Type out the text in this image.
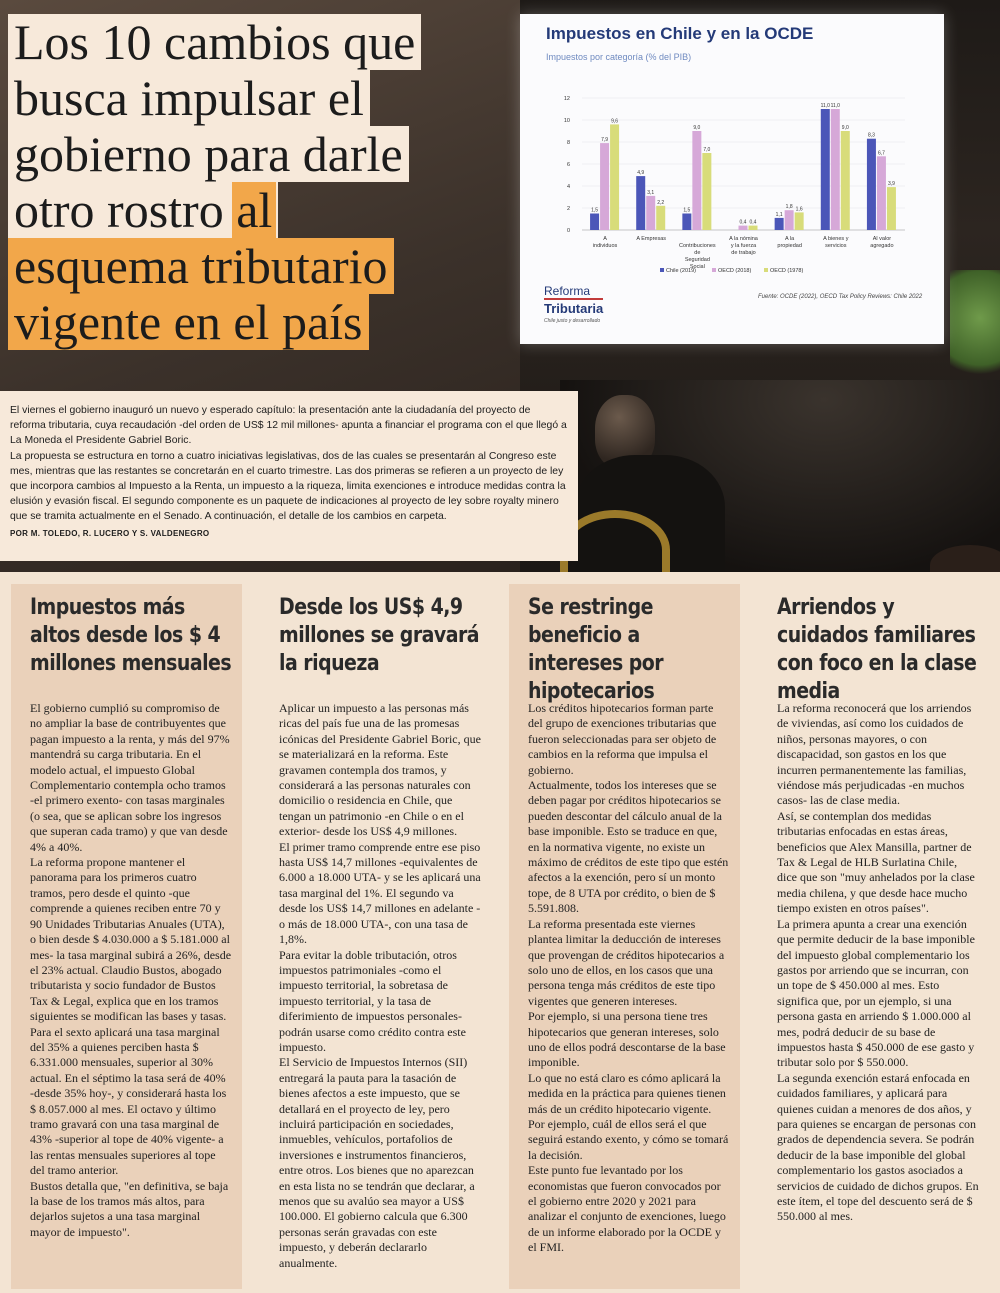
0
2
4
6
8
10
12
1,5
7,9
9,6
A
individuos
4,9
3,1
2,2
A Empresas
1,5
9,0
7,0
Contribuciones
de
Seguridad
Social
0,4 0,4
A la nómina
y la fuerza
de trabajo
1,1
1,8 1,6
A la
propiedad
11,0 11,0
9,0
A bienes y
servicios
8,3
6,7
3,9
Al valor
agregado
Chile (2019)	OECD (2018)	OECD (1978)
Impuestos en Chile y en la OCDE
Impuestos por categoría (% del PIB)
Reforma
Tributaria
Chile justo y desarrollado
Fuente: OCDE (2022), OECD Tax Policy Reviews: Chile 2022
Los 10 cambios que
busca impulsar el
gobierno para darle
otro rostro al
esquema tributario
vigente en el país

El viernes el gobierno inauguró un nuevo y esperado capítulo: la presentación ante la ciudadanía del proyecto de reforma tributaria, cuya recaudación -del orden de US$ 12 mil millones- apunta a financiar el programa con el que llegó a La Moneda el Presidente Gabriel Boric.

La propuesta se estructura en torno a cuatro iniciativas legislativas, dos de las cuales se presentarán al Congreso este mes, mientras que las restantes se concretarán en el cuarto trimestre. Las dos primeras se refieren a un proyecto de ley que incorpora cambios al Impuesto a la Renta, un impuesto a la riqueza, limita exenciones e introduce medidas contra la elusión y evasión fiscal. El segundo componente es un paquete de indicaciones al proyecto de ley sobre royalty minero que se tramita actualmente en el Senado. A continuación, el detalle de los cambios en carpeta.

POR M. TOLEDO, R. LUCERO Y S. VALDENEGRO

Impuestos más altos desde los $ 4 millones mensuales

El gobierno cumplió su compromiso de no ampliar la base de contribuyentes que pagan impuesto a la renta, y más del 97% mantendrá su carga tributaria. En el modelo actual, el impuesto Global Complementario contempla ocho tramos -el primero exento- con tasas marginales (o sea, que se aplican sobre los ingresos que superan cada tramo) y que van desde 4% a 40%.

La reforma propone mantener el panorama para los primeros cuatro tramos, pero desde el quinto -que comprende a quienes reciben entre 70 y 90 Unidades Tributarias Anuales (UTA), o bien desde $ 4.030.000 a $ 5.181.000 al mes- la tasa marginal subirá a 26%, desde el 23% actual. Claudio Bustos, abogado tributarista y socio fundador de Bustos Tax & Legal, explica que en los tramos siguientes se modifican las bases y tasas.

Para el sexto aplicará una tasa marginal del 35% a quienes perciben hasta $ 6.331.000 mensuales, superior al 30% actual. En el séptimo la tasa será de 40% -desde 35% hoy-, y considerará hasta los $ 8.057.000 al mes. El octavo y último tramo gravará con una tasa marginal de 43% -superior al tope de 40% vigente- a las rentas mensuales superiores al tope del tramo anterior.

Bustos detalla que, "en definitiva, se baja la base de los tramos más altos, para dejarlos sujetos a una tasa marginal mayor de impuesto".

Desde los US$ 4,9 millones se gravará la riqueza

Aplicar un impuesto a las personas más ricas del país fue una de las promesas icónicas del Presidente Gabriel Boric, que se materializará en la reforma. Este gravamen contempla dos tramos, y considerará a las personas naturales con domicilio o residencia en Chile, que tengan un patrimonio -en Chile o en el exterior- desde los US$ 4,9 millones.

El primer tramo comprende entre ese piso hasta US$ 14,7 millones -equivalentes de 6.000 a 18.000 UTA- y se les aplicará una tasa marginal del 1%. El segundo va desde los US$ 14,7 millones en adelante -o más de 18.000 UTA-, con una tasa de 1,8%.

Para evitar la doble tributación, otros impuestos patrimoniales -como el impuesto territorial, la sobretasa de impuesto territorial, y la tasa de diferimiento de impuestos personales- podrán usarse como crédito contra este impuesto.

El Servicio de Impuestos Internos (SII) entregará la pauta para la tasación de bienes afectos a este impuesto, que se detallará en el proyecto de ley, pero incluirá participación en sociedades, inmuebles, vehículos, portafolios de inversiones e instrumentos financieros, entre otros. Los bienes que no aparezcan en esta lista no se tendrán que declarar, a menos que su avalúo sea mayor a US$ 100.000. El gobierno calcula que 6.300 personas serán gravadas con este impuesto, y deberán declararlo anualmente.

Se restringe beneficio a intereses por hipotecarios

Los créditos hipotecarios forman parte del grupo de exenciones tributarias que fueron seleccionadas para ser objeto de cambios en la reforma que impulsa el gobierno.

Actualmente, todos los intereses que se deben pagar por créditos hipotecarios se pueden descontar del cálculo anual de la base imponible. Esto se traduce en que, en la normativa vigente, no existe un máximo de créditos de este tipo que estén afectos a la exención, pero sí un monto tope, de 8 UTA por crédito, o bien de $ 5.591.808.

La reforma presentada este viernes plantea limitar la deducción de intereses que provengan de créditos hipotecarios a solo uno de ellos, en los casos que una persona tenga más créditos de este tipo vigentes que generen intereses.

Por ejemplo, si una persona tiene tres hipotecarios que generan intereses, solo uno de ellos podrá descontarse de la base imponible.

Lo que no está claro es cómo aplicará la medida en la práctica para quienes tienen más de un crédito hipotecario vigente. Por ejemplo, cuál de ellos será el que seguirá estando exento, y cómo se tomará la decisión.

Este punto fue levantado por los economistas que fueron convocados por el gobierno entre 2020 y 2021 para analizar el conjunto de exenciones, luego de un informe elaborado por la OCDE y el FMI.

Arriendos y cuidados familiares con foco en la clase media

La reforma reconocerá que los arriendos de viviendas, así como los cuidados de niños, personas mayores, o con discapacidad, son gastos en los que incurren permanentemente las familias, viéndose más perjudicadas -en muchos casos- las de clase media.

Así, se contemplan dos medidas tributarias enfocadas en estas áreas, beneficios que Alex Mansilla, partner de Tax & Legal de HLB Surlatina Chile, dice que son "muy anhelados por la clase media chilena, y que desde hace mucho tiempo existen en otros países".

La primera apunta a crear una exención que permite deducir de la base imponible del impuesto global complementario los gastos por arriendo que se incurran, con un tope de $ 450.000 al mes. Esto significa que, por un ejemplo, si una persona gasta en arriendo $ 1.000.000 al mes, podrá deducir de su base de impuestos hasta $ 450.000 de ese gasto y tributar solo por $ 550.000.

La segunda exención estará enfocada en cuidados familiares, y aplicará para quienes cuidan a menores de dos años, y para quienes se encargan de personas con grados de dependencia severa. Se podrán deducir de la base imponible del global complementario los gastos asociados a servicios de cuidado de dichos grupos. En este ítem, el tope del descuento será de $ 550.000 al mes.
